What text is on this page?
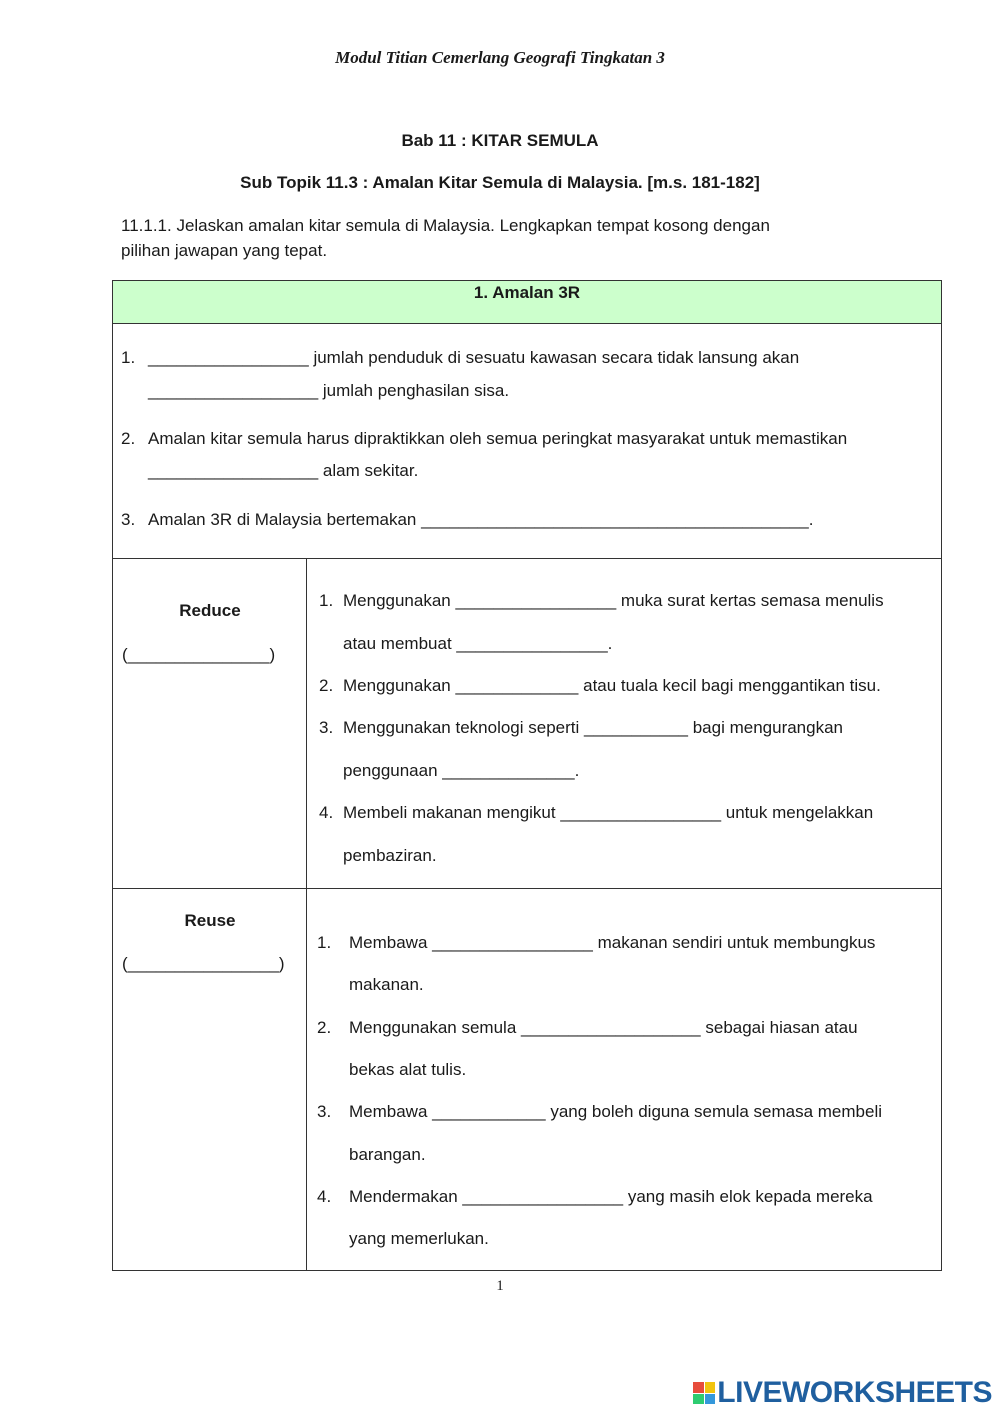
Modul Titian Cemerlang Geografi Tingkatan 3
Bab 11 : KITAR SEMULA
Sub Topik 11.3 : Amalan Kitar Semula di Malaysia. [m.s. 181-182]
11.1.1. Jelaskan amalan kitar semula di Malaysia. Lengkapkan tempat kosong dengan
pilihan jawapan yang tepat.
1. Amalan 3R
1. _________________ jumlah penduduk di sesuatu kawasan secara tidak lansung akan
__________________ jumlah penghasilan sisa.
2. Amalan kitar semula harus dipraktikkan oleh semua peringkat masyarakat untuk memastikan
__________________ alam sekitar.
3. Amalan 3R di Malaysia bertemakan _________________________________________.
Reduce
(_______________)
1. Menggunakan _________________ muka surat kertas semasa menulis
atau membuat ________________.
2. Menggunakan _____________ atau tuala kecil bagi menggantikan tisu.
3. Menggunakan teknologi seperti ___________ bagi mengurangkan
penggunaan ______________.
4. Membeli makanan mengikut _________________ untuk mengelakkan
pembaziran.
Reuse
(________________)
1. Membawa _________________ makanan sendiri untuk membungkus
makanan.
2. Menggunakan semula ___________________ sebagai hiasan atau
bekas alat tulis.
3. Membawa ____________ yang boleh diguna semula semasa membeli
barangan.
4. Mendermakan _________________ yang masih elok kepada mereka
yang memerlukan.
1
LIVEWORKSHEETS
